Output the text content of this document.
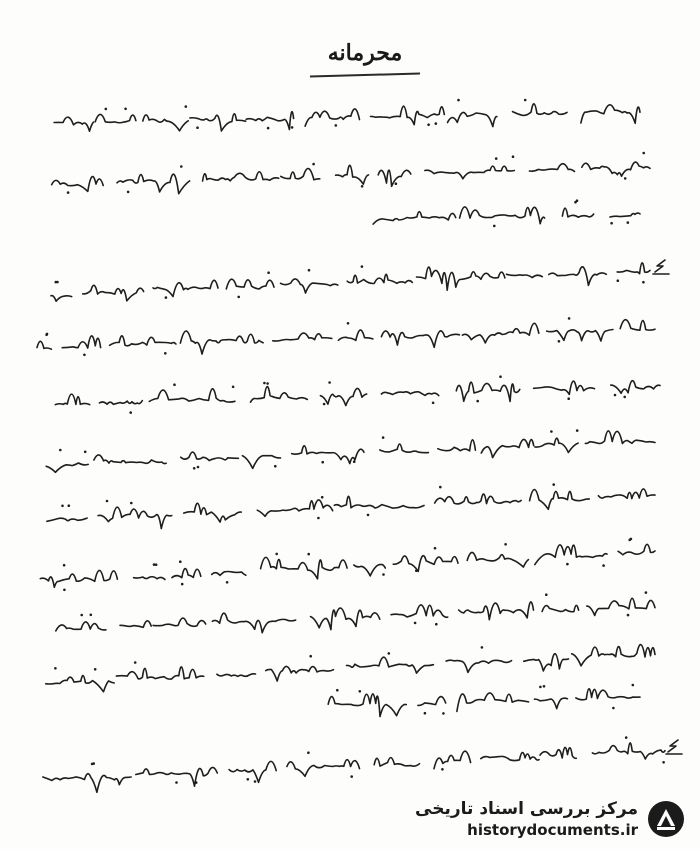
محرمانه
مرکز بررسی اسناد تاریخی
historydocuments.ir
